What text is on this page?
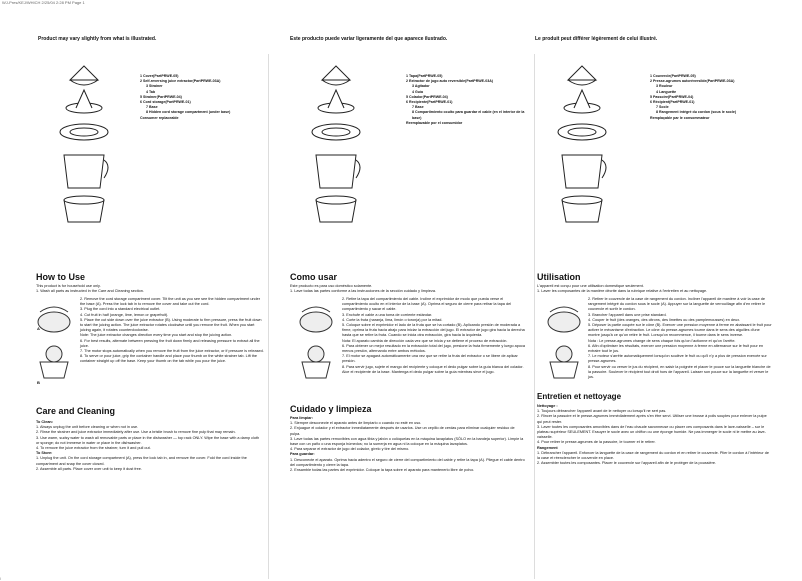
WJ-Pres/KEJ/WHICH 2/25/04 2:28 PM Page 1
Product may vary slightly from what is illustrated.	Este producto puede variar ligeramente del que aparece ilustrado.	Le produit peut différer légèrement de celui illustré.
1 Cover(PartPRWE-05)
2 Self-reversing juice extractor(PartPRWE-03A)
3 Strainer
4 Tab
5 Strainer(PartPRWE-04)
6 Cord storage(PartPRWE-01)
7 Base
8 Hidden cord storage compartment (under base)
Consumer replaceable
1 Tapa(PartPRWE-05)
2 Extractor de jugo auto reversible(PartPRWE-03A)
3 Agitador
4 Guía
5 Colador(PartPRWE-04)
6 Recipiente(PartPRWE-01)
7 Base
8 Compartimiento oculto para guardar el cable (en el interior de la base)
Reemplazable por el consumidor
1 Couvercle(PartPRWE-05)
2 Presse-agrumes autoréversible(PartPRWE-03A)
3 Rouleur
4 Languette
5 Passoire(PartPRWE-04)
6 Récipient(PartPRWE-01)
7 Socle
8 Rangement intégré du cordon (sous le socle)
Remplaçable par le consommateur
How to Use
This product is for household use only.
1. Wash all parts as instructed in the Care and Cleaning section.
2. Remove the cord storage compartment cover. Tilt the unit as you see see the hidden compartment under the base (A). Press the lock tab in to remove the cover and take out the cord.
3. Plug the cord into a standard electrical outlet.
4. Cut fruit in half (orange, lime, lemon or grapefruit).
5. Place the cut side down over the juice extractor (B). Using moderate to firm pressure, press the fruit down to start the juicing action. The juice extractor rotates clockwise until you remove the fruit. When you start juicing again, it rotates counterclockwise.
Note: The juice extractor changes direction every time you start and stop the juicing action.
6. For best results, alternate between pressing the fruit down firmly and releasing pressure to extract all the juice.
7. The motor stops automatically when you remove the fruit from the juice extractor, or if pressure is released.
8. To serve or pour juice, grip the container handle and place your thumb on the white strainer tab. Lift the container straight up off the base. Keep your thumb on the tab while you pour the juice.
A
B
Care and Cleaning
To Clean:
1. Always unplug the unit before cleaning or when not in use.
2. Rinse the strainer and juice extractor immediately after use. Use a bristle brush to remove fine pulp that may remain.
3. Use warm, sudsy water to wash all removable parts or place in the dishwasher — top rack ONLY. Wipe the base with a damp cloth or sponge; do not immerse in water or place in the dishwasher.
4. To remove the juice extractor from the strainer, turn it and pull out.
To Store:
1. Unplug the unit. On the cord storage compartment (A), press the lock tab in, and remove the cover. Fold the cord inside the compartment and snap the cover closed.
2. Assemble all parts. Place cover over unit to keep it dust free.
Como usar
Este producto es para uso doméstico solamente.
1. Lave todas las partes conforme a las instrucciones de la sección cuidado y limpieza.
2. Retire la tapa del compartimiento del cable. Incline el exprimidor de modo que pueda verse el compartimiento oculto en el interior de la base (A). Oprima el seguro de cierre para retirar la tapa del compartimiento y sacar el cable.
3. Enchufe el cable a una toma de corriente estándar.
4. Corte la fruta (naranja, lima, limón o toronja) por la mitad.
5. Coloque sobre el exprimidor el lado de la fruta que se ha cortado (B). Aplicando presión de moderada a firme, oprima la fruta hacia abajo para iniciar la extracción del jugo. El extractor de jugo gira hacia la derecha hasta que se retire la fruta. Cuando se inicia otra extracción, gira hacia la izquierda.
Nota: El aparato cambia de dirección cada vez que se inicia y se detiene el proceso de extracción.
6. Para obtener un mejor resultado en la extracción total del jugo, presione la fruta firmemente y luego apoca menos presión, alternando entre ambos métodos.
7. El motor se apagará automáticamente una vez que se retire la fruta del extractor o se libere de aplicar presión.
8. Para servir jugo, sujete el mango del recipiente y coloque el dedo pulgar sobre la guía blanca del colador. Alce el recipiente de la base. Mantenga el dedo pulgar sobre la guía mientras sirve el jugo.
Cuidado y limpieza
Para limpiar:
1. Siempre desconecte el aparato antes de limpiarlo o cuando no esté en uso.
2. Enjuague el colador y el extractor inmediatamente después de usarlos. Use un cepillo de cerdas para eliminar cualquier residuo de pulpa.
3. Lave todas las partes removibles con agua tibia y jabón o colóquelas en la máquina lavaplatos (SÓLO en la bandeja superior). Limpie la base con un paño o una esponja húmedos; no la sumerja en agua ni la coloque en la máquina lavaplatos.
4. Para separar el extractor de jugo del colador, gírelo y tire del mismo.
Para guardar:
1. Desconecte el aparato. Oprima hacia adentro el seguro de cierre del compartimiento del cable y retire la tapa (A). Pliegue el cable dentro del compartimiento y cierre la tapa.
2. Ensamble todas las partes del exprimidor. Coloque la tapa sobre el aparato para mantenerlo libre de polvo.
Utilisation
L'appareil est conçu pour une utilisation domestique seulement.
1. Laver les composantes de la manière décrite dans la rubrique relative à l'entretien et au nettoyage.
2. Retirer le couvercle de la case de rangement du cordon. Incliner l'appareil de manière à voir la case de rangement intégré du cordon sous le socle (A). Appuyer sur la languette de verrouillage afin d'en retirer le couvercle et sortir le cordon.
3. Brancher l'appareil dans une prise standard.
4. Couper le fruit (des oranges, des citrons, des limettes ou des pamplemousses) en deux.
5. Déposer la partie coupée sur le cône (B). Exercer une pression moyenne à ferme en abaissant le fruit pour activer le mécanisme d'extraction. Le cône du presse-agrumes tourne dans le sens des aiguilles d'une montre jusqu'à ce qu'on retire le fruit. Lorsqu'on recommence, il tourne dans le sens inverse.
Nota : Le presse-agrumes change de sens chaque fois qu'on l'actionne et qu'on l'arrête.
6. Afin d'optimiser les résultats, exercer une pression moyenne à ferme en alternance sur le fruit pour en extraire tout le jus.
7. Le moteur s'arrête automatiquement lorsqu'on soulève le fruit ou qu'il n'y a plus de pression exercée sur presse-agrumes.
8. Pour servir ou verser le jus du récipient, en saisir la poignée et placer le pouce sur la languette blanche de la passoire. Soulever le récipient tout droit hors de l'appareil. Laisser son pouce sur la languette et verser le jus.
Entretien et nettoyage
Nettoyage :
1. Toujours débrancher l'appareil avant de le nettoyer ou lorsqu'il ne sert pas.
2. Rincer la passoire et le presse-agrumes immédiatement après s'en être servi. Utiliser une brosse à poils souples pour enlever la pulpe qui peut rester.
3. Laver toutes les composantes amovibles dans de l'eau chaude savonneuse ou placer ces composants dans le lave-vaisselle – sur le plateau supérieur SEULEMENT. Essuyer le socle avec un chiffon ou une éponge humide. Ne pas immerger le socle ni le mettre au lave-vaisselle.
4. Pour retirer le presse-agrumes de la passoire, le tourner et le retirer.
Rangement
1. Débrancher l'appareil. Enfoncer la languette de la case de rangement du cordon et en retirer le couvercle. Plier le cordon à l'intérieur de la case et réenclencher le couvercle en place.
2. Assembler toutes les composantes. Placer le couvercle sur l'appareil afin de le protéger de la poussière.
I
